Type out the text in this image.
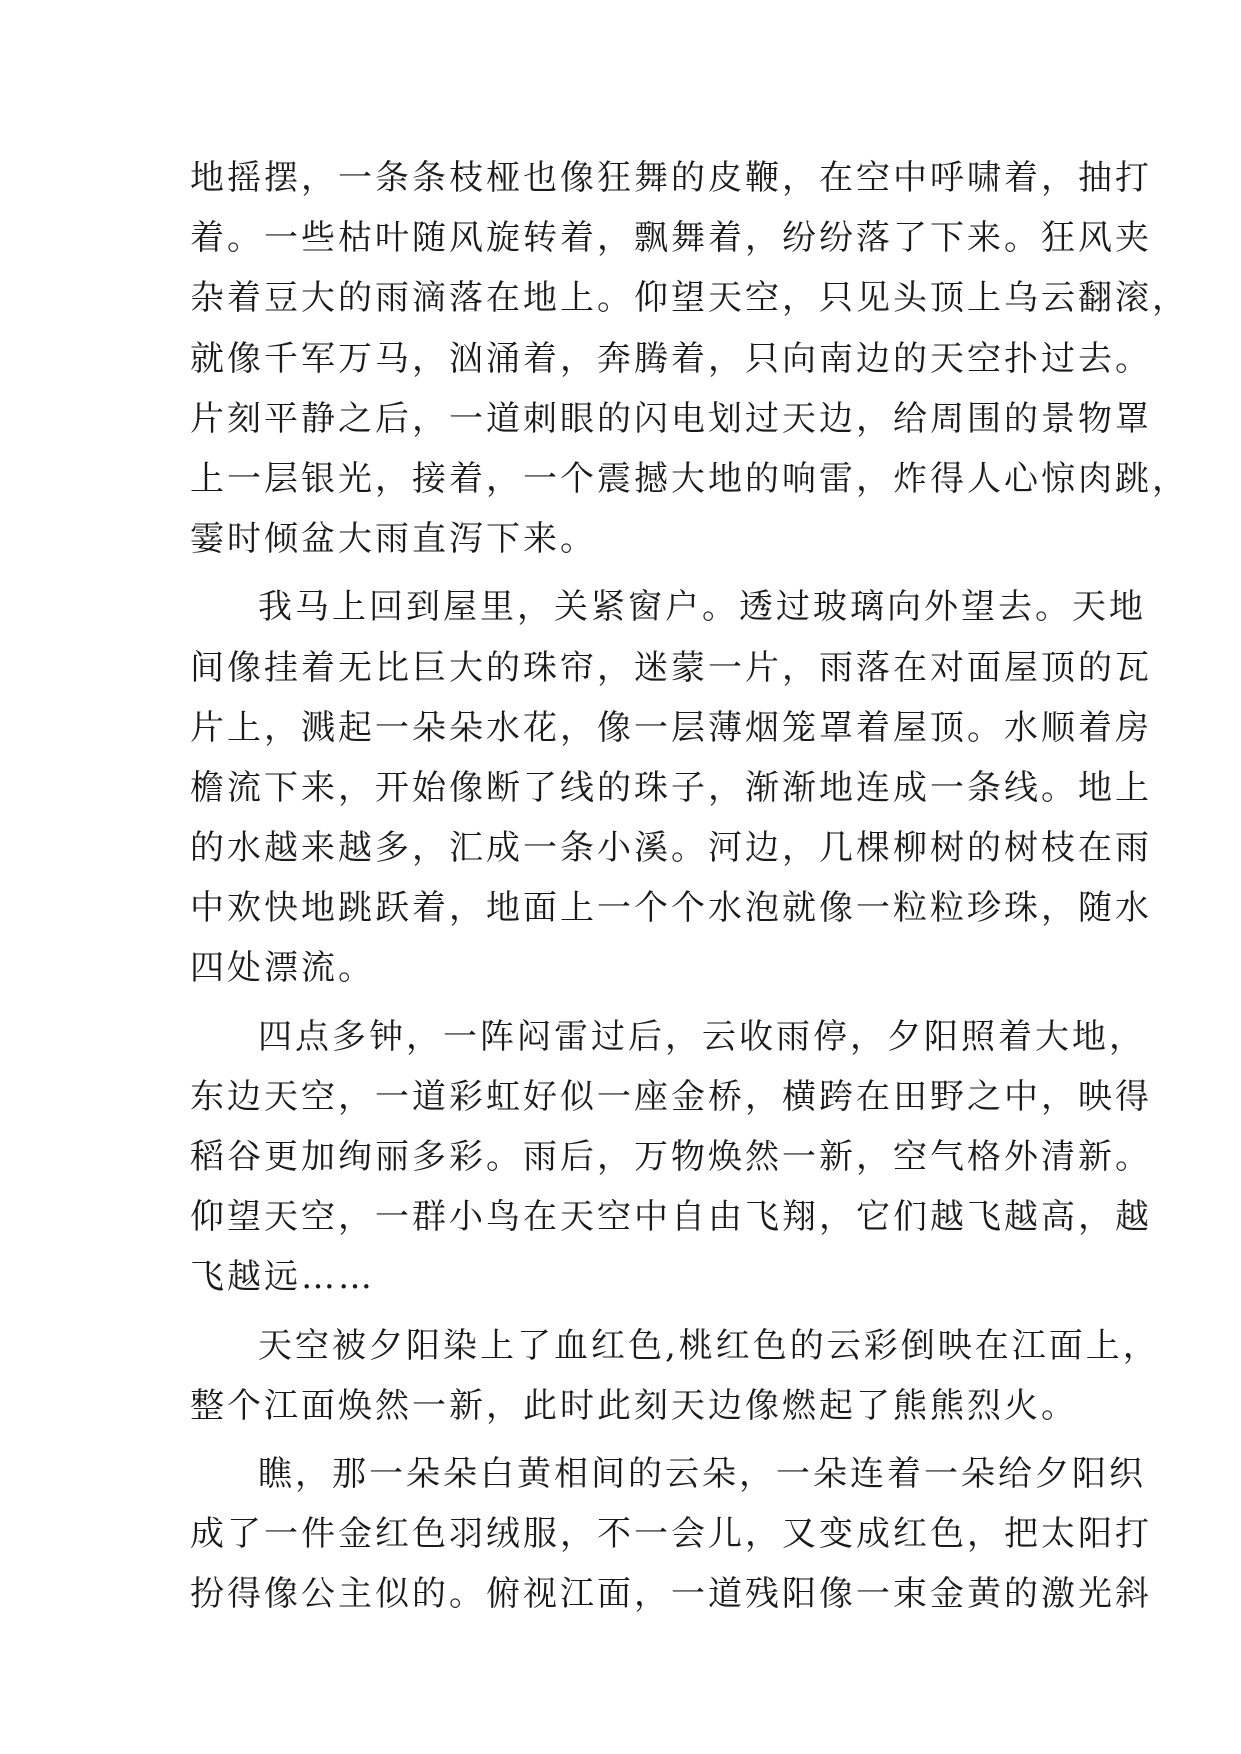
地摇摆，一条条枝桠也像狂舞的皮鞭，在空中呼啸着，抽打
着。一些枯叶随风旋转着，飘舞着，纷纷落了下来。狂风夹
杂着豆大的雨滴落在地上。仰望天空，只见头顶上乌云翻滚，
就像千军万马，汹涌着，奔腾着，只向南边的天空扑过去。
片刻平静之后，一道刺眼的闪电划过天边，给周围的景物罩
上一层银光，接着，一个震撼大地的响雷，炸得人心惊肉跳，
霎时倾盆大雨直泻下来。
我马上回到屋里，关紧窗户。透过玻璃向外望去。天地
间像挂着无比巨大的珠帘，迷蒙一片，雨落在对面屋顶的瓦
片上，溅起一朵朵水花，像一层薄烟笼罩着屋顶。水顺着房
檐流下来，开始像断了线的珠子，渐渐地连成一条线。地上
的水越来越多，汇成一条小溪。河边，几棵柳树的树枝在雨
中欢快地跳跃着，地面上一个个水泡就像一粒粒珍珠，随水
四处漂流。
四点多钟，一阵闷雷过后，云收雨停，夕阳照着大地，
东边天空，一道彩虹好似一座金桥，横跨在田野之中，映得
稻谷更加绚丽多彩。雨后，万物焕然一新，空气格外清新。
仰望天空，一群小鸟在天空中自由飞翔，它们越飞越高，越
飞越远……
天空被夕阳染上了血红色,桃红色的云彩倒映在江面上，
整个江面焕然一新，此时此刻天边像燃起了熊熊烈火。
瞧，那一朵朵白黄相间的云朵，一朵连着一朵给夕阳织
成了一件金红色羽绒服，不一会儿，又变成红色，把太阳打
扮得像公主似的。俯视江面，一道残阳像一束金黄的激光斜
